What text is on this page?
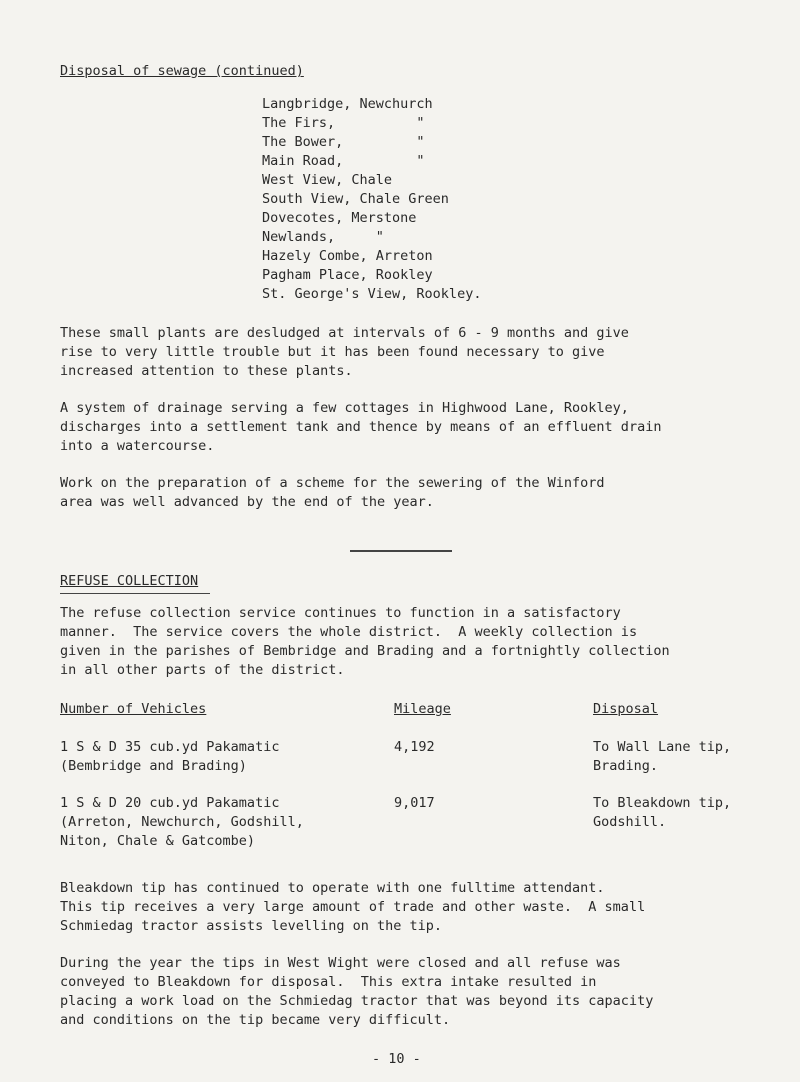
Disposal of sewage (continued)
Langbridge, Newchurch
The Firs,          "
The Bower,         "
Main Road,         "
West View, Chale
South View, Chale Green
Dovecotes, Merstone
Newlands,     "
Hazely Combe, Arreton
Pagham Place, Rookley
St. George's View, Rookley.
These small plants are desludged at intervals of 6 - 9 months and give
rise to very little trouble but it has been found necessary to give
increased attention to these plants.
A system of drainage serving a few cottages in Highwood Lane, Rookley,
discharges into a settlement tank and thence by means of an effluent drain
into a watercourse.
Work on the preparation of a scheme for the sewering of the Winford
area was well advanced by the end of the year.
REFUSE COLLECTION
The refuse collection service continues to function in a satisfactory
manner.  The service covers the whole district.  A weekly collection is
given in the parishes of Bembridge and Brading and a fortnightly collection
in all other parts of the district.
Number of Vehicles	Mileage	Disposal
1 S & D 35 cub.yd Pakamatic
(Bembridge and Brading)
4,192	To Wall Lane tip,
Brading.
1 S & D 20 cub.yd Pakamatic
(Arreton, Newchurch, Godshill,
Niton, Chale & Gatcombe)
9,017	To Bleakdown tip,
Godshill.
Bleakdown tip has continued to operate with one fulltime attendant.
This tip receives a very large amount of trade and other waste.  A small
Schmiedag tractor assists levelling on the tip.
During the year the tips in West Wight were closed and all refuse was
conveyed to Bleakdown for disposal.  This extra intake resulted in
placing a work load on the Schmiedag tractor that was beyond its capacity
and conditions on the tip became very difficult.
- 10 -
